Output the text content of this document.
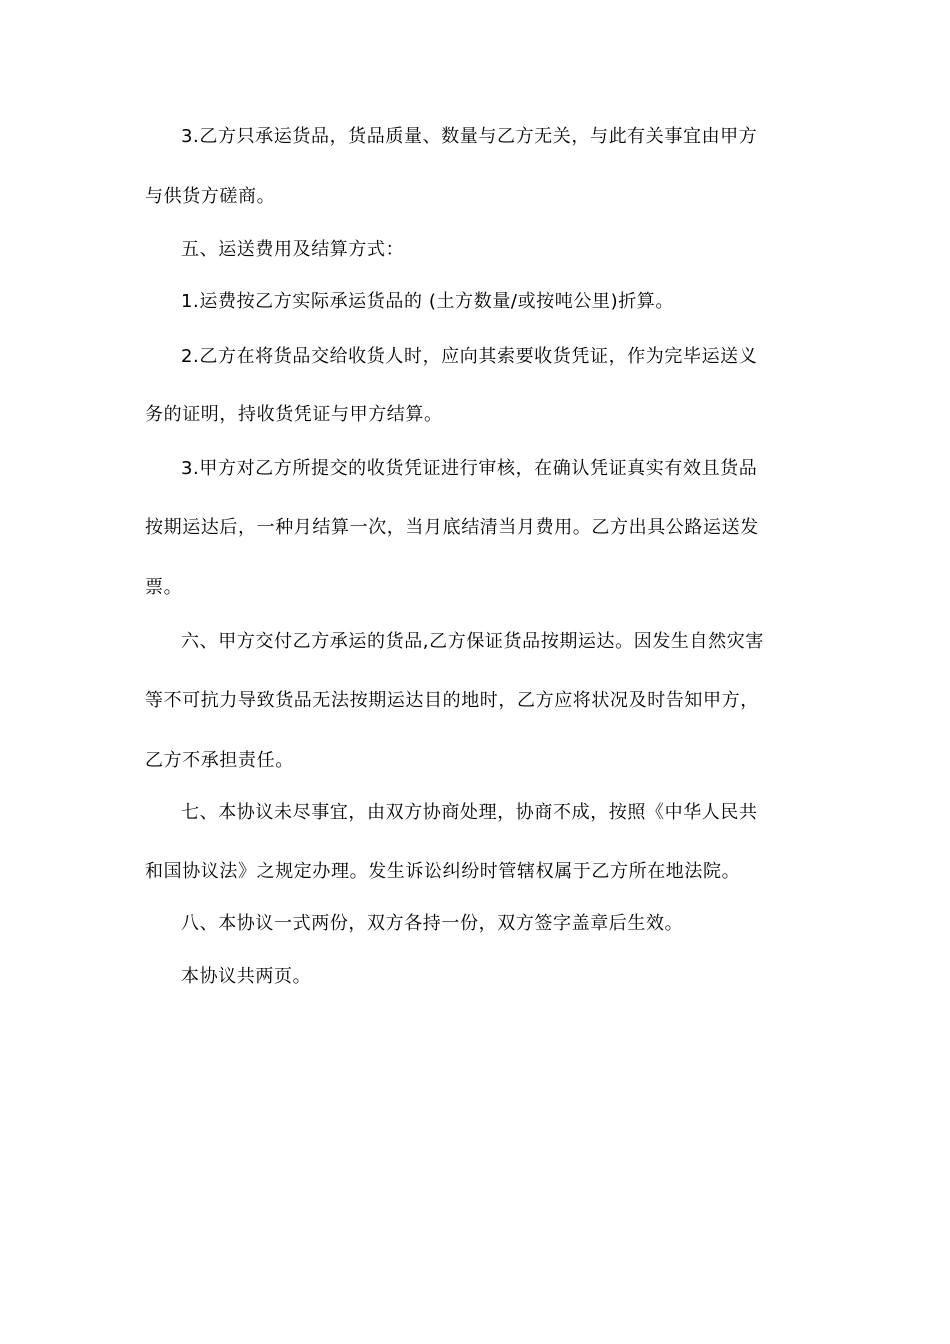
3.乙方只承运货品，货品质量、数量与乙方无关，与此有关事宜由甲方
与供货方磋商。
五、运送费用及结算方式：
1.运费按乙方实际承运货品的 (土方数量/或按吨公里)折算。
2.乙方在将货品交给收货人时，应向其索要收货凭证，作为完毕运送义
务的证明，持收货凭证与甲方结算。
3.甲方对乙方所提交的收货凭证进行审核，在确认凭证真实有效且货品
按期运达后，一种月结算一次，当月底结清当月费用。乙方出具公路运送发
票。
六、甲方交付乙方承运的货品,乙方保证货品按期运达。因发生自然灾害
等不可抗力导致货品无法按期运达目的地时，乙方应将状况及时告知甲方，
乙方不承担责任。
七、本协议未尽事宜，由双方协商处理，协商不成，按照《中华人民共
和国协议法》之规定办理。发生诉讼纠纷时管辖权属于乙方所在地法院。
八、本协议一式两份，双方各持一份，双方签字盖章后生效。
本协议共两页。
